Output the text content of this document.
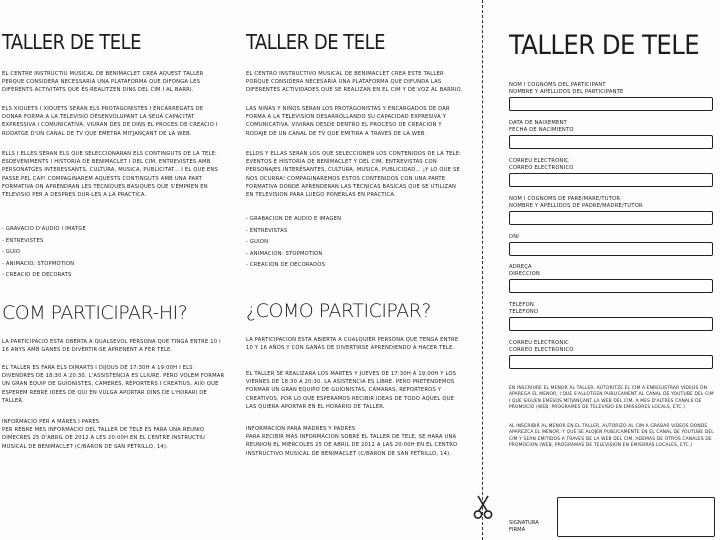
TALLER DE TELE

EL CENTRE INSTRUCTIU MUSICAL DE BENIMACLET CREA AQUEST TALLER PERQUE CONSIDERA NECESSARIA UNA PLATAFORMA QUE DIFONGA LES DIFERENTS ACTIVITATS QUE ES REALITZEN DINS DEL CIM I AL BARRI.

ELS XIQUETS I XIQUETS SERAN ELS PROTAGONISTES I ENCARREGATS DE DONAR FORMA A LA TELEVISIO DESENVOLUPANT LA SEUA CAPACITAT EXPRESSIVA I COMUNICATIVA. VIURAN DES DE DINS EL PROCES DE CREACIO I RODATGE D'UN CANAL DE TV QUE EMETRA MITJANÇANT DE LA WEB.

ELLS I ELLES SERAN ELS QUE SELECCIONARAN ELS CONTINGUTS DE LA TELE: ESDEVENIMENTS I HISTORIA DE BENIMACLET I DEL CIM, ENTREVISTES AMB PERSONATGES INTERESSANTS, CULTURA, MUSICA, PUBLICITAT... I EL QUE ENS PASSE PEL CAP! COMPAGINAREM AQUESTS CONTINGUTS AMB UNA PART FORMATIVA ON APRENDRAN LES TECNIQUES BASIQUES QUE S'EMPREN EN TELEVISIO PER A DESPRES DUR-LES A LA PRACTICA.

- GRAVACIO D'AUDIO I IMATGE
- ENTREVISTES
- GUIO
- ANIMACIO: STOPMOTION
- CREACIO DE DECORATS
COM PARTICIPAR-HI?

LA PARTICIPACIO ESTA OBERTA A QUALSEVOL PERSONA QUE TINGA ENTRE 10 I 16 ANYS AMB GANES DE DIVERTIR-SE APRENENT A FER TELE.

EL TALLER ES FARA ELS DIMARTS I DIJOUS DE 17:30H A 19:00H I ELS DIVENDRES DE 18:30 A 20:30. L'ASSISTENCIA ES LLIURE. PERO VOLEM FORMAR UN GRAN EQUIP DE GUIONISTES, CAMERES, REPORTERS I CREATIUS, AIXI QUE ESPEREM REBRE IDEES DE QUI EN VULGA APORTAR DINS DE L'HORARI DE TALLER.

INFORMACIO PER A MARES I PARES
PER REBRE MES INFORMACIO DEL TALLER DE TELE ES FARA UNA REUNIO DIMECRES 25 D'ABRIL DE 2012 A LES 20:00H EN EL CENTRE INSTRUCTIU MUSICAL DE BENIMACLET (C/BARON DE SAN PETRILLO, 14).

TALLER DE TELE

EL CENTRO INSTRUCTIVO MUSICAL DE BENIMACLET CREA ESTE TALLER PORQUE CONSIDERA NECESARIA UNA PLATAFORMA QUE DIFUNDA LAS DIFERENTES ACTIVIDADES QUE SE REALIZAN EN EL CIM Y DE VOZ AL BARRIO.

LAS NIÑAS Y NIÑOS SERAN LOS PROTAGONISTAS Y ENCARGADOS DE DAR FORMA A LA TELEVISION DESARROLLANDO SU CAPACIDAD EXPRESIVA Y COMUNICATIVA. VIVIRAN DESDE DENTRO EL PROCESO DE CREACION Y RODAJE DE UN CANAL DE TV QUE EMITIRA A TRAVES DE LA WEB.

ELLOS Y ELLAS SERAN LOS QUE SELECCIONEN LOS CONTENIDOS DE LA TELE: EVENTOS E HISTORIA DE BENIMACLET Y DEL CIM, ENTREVISTAS CON PERSONAJES INTERESANTES, CULTURA, MUSICA, PUBLICIDAD... ¡Y LO QUE SE NOS OCURRA! COMPAGINAREMOS ESTOS CONTENIDOS CON UNA PARTE FORMATIVA DONDE APRENDERAN LAS TECNICAS BASICAS QUE SE UTILIZAN EN TELEVISION PARA LUEGO PONERLAS EN PRACTICA.

- GRABACION DE AUDIO E IMAGEN
- ENTREVISTAS
- GUION
- ANIMACION: STOPMOTION
- CREACION DE DECORADOS
¿COMO PARTICIPAR?

LA PARTICIPACION ESTA ABIERTA A CUALQUIER PERSONA QUE TENGA ENTRE 10 Y 16 AÑOS Y CON GANAS DE DIVERTIRSE APRENDIENDO A HACER TELE.

EL TALLER SE REALIZARA LOS MARTES Y JUEVES DE 17:30H A 19:00H Y LOS VIERNES DE 18:30 A 20:30. LA ASISTENCIA ES LIBRE. PERO PRETENDEMOS FORMAR UN GRAN EQUIPO DE GUIONISTAS, CAMARAS, REPORTEROS Y CREATIVOS, POR LO QUE ESPERAMOS RECIBIR IDEAS DE TODO AQUEL QUE LAS QUIERA APORTAR EN EL HORARIO DE TALLER.

INFORMACION PARA MADRES Y PADRES
PARA RECIBIR MAS INFORMACION SOBRE EL TALLER DE TELE, SE HARA UNA REUNION EL MIERCOLES 25 DE ABRIL DE 2012 A LAS 20:00H EN EL CENTRO INSTRUCTIVO MUSICAL DE BENIMACLET (C/BARON DE SAN PETRILLO, 14).

TALLER DE TELE
NOM I COGNOMS DEL PARTICIPANT
NOMBRE Y APELLIDOS DEL PARTICIPANTE
DATA DE NAIXEMENT
FECHA DE NACIMIENTO
CORREU ELECTRONIC
CORREO ELECTRONICO
NOM I COGNOMS DE PARE/MARE/TUTOR
NOMBRE Y APELLIDOS DE PADRE/MADRE/TUTOR
DNI
ADREÇA
DIRECCION
TELEFON
TELEFONO
CORREU ELECTRONIC
CORREO ELECTRONICO

EN INSCRIURE EL MENOR AL TALLER, AUTORITZE EL CIM A ENREGISTRAR VIDEOS ON APAREGA EL MENOR, I QUE S'ALLOTGEN PUBLICAMENT AL CANAL DE YOUTUBE DEL CIM I QUE SIGUEN EMESOS MITJANÇANT LA WEB DEL CIM, A MES D'ALTRES CANALS DE PROMOCIO (WEB, PROGRAMES DE TELEVISIO EN EMISSORES LOCALS, ETC.)

AL INSCRIBIR AL MENOR EN EL TALLER, AUTORIZO AL CIM A GRABAR VIDEOS DONDE APAREZCA EL MENOR, Y QUE SE ALOJEN PUBLICAMENTE EN EL CANAL DE YOUTUBE DEL CIM Y SEAN EMITIDOS A TRAVES DE LA WEB DEL CIM, ADEMAS DE OTROS CANALES DE PROMOCION (WEB, PROGRAMAS DE TELEVISION EN EMISORAS LOCALES, ETC.)

SIGNATURA
FIRMA
